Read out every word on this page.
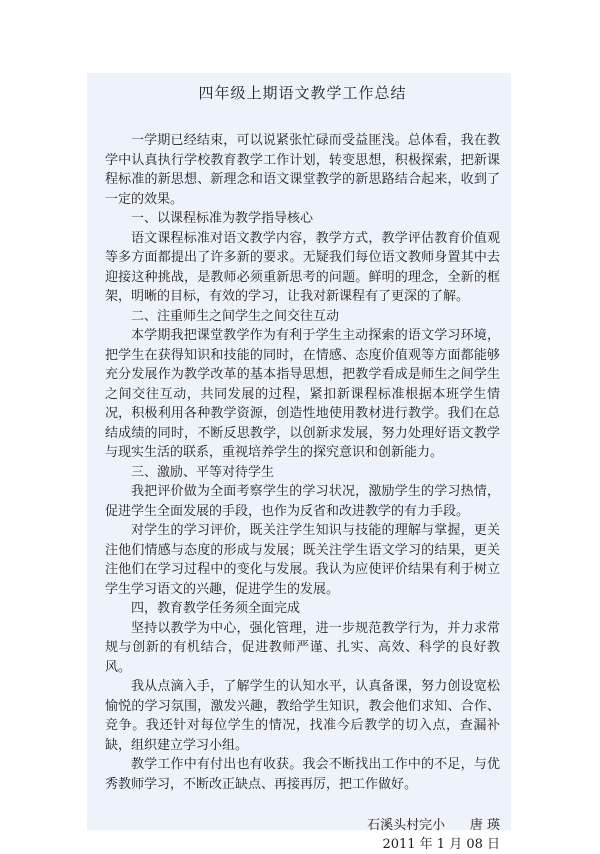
四年级上期语文教学工作总结

一学期已经结束，可以说紧张忙碌而受益匪浅。总体看，我在教学中认真执行学校教育教学工作计划，转变思想，积极探索，把新课程标准的新思想、新理念和语文课堂教学的新思路结合起来，收到了一定的效果。

一、以课程标准为教学指导核心

语文课程标准对语文教学内容，教学方式，教学评估教育价值观等多方面都提出了许多新的要求。无疑我们每位语文教师身置其中去迎接这种挑战，是教师必须重新思考的问题。鲜明的理念，全新的框架，明晰的目标，有效的学习，让我对新课程有了更深的了解。

二、注重师生之间学生之间交往互动

本学期我把课堂教学作为有利于学生主动探索的语文学习环境，把学生在获得知识和技能的同时，在情感、态度价值观等方面都能够充分发展作为教学改革的基本指导思想，把教学看成是师生之间学生之间交往互动，共同发展的过程，紧扣新课程标准根据本班学生情况，积极利用各种教学资源，创造性地使用教材进行教学。我们在总结成绩的同时，不断反思教学，以创新求发展，努力处理好语文教学与现实生活的联系，重视培养学生的探究意识和创新能力。

三、激励、平等对待学生

我把评价做为全面考察学生的学习状况，激励学生的学习热情，促进学生全面发展的手段，也作为反省和改进教学的有力手段。

对学生的学习评价，既关注学生知识与技能的理解与掌握，更关注他们情感与态度的形成与发展；既关注学生语文学习的结果，更关注他们在学习过程中的变化与发展。我认为应使评价结果有利于树立学生学习语文的兴趣，促进学生的发展。

四，教育教学任务须全面完成

坚持以教学为中心，强化管理，进一步规范教学行为，并力求常规与创新的有机结合，促进教师严谨、扎实、高效、科学的良好教风。

我从点滴入手，了解学生的认知水平，认真备课，努力创设宽松愉悦的学习氛围，激发兴趣，教给学生知识，教会他们求知、合作、竞争。我还针对每位学生的情况，找准今后教学的切入点，查漏补缺，组织建立学习小组。

教学工作中有付出也有收获。我会不断找出工作中的不足，与优秀教师学习，不断改正缺点、再接再厉，把工作做好。

石溪头村完小      唐 瑛
2011 年 1 月 08 日
